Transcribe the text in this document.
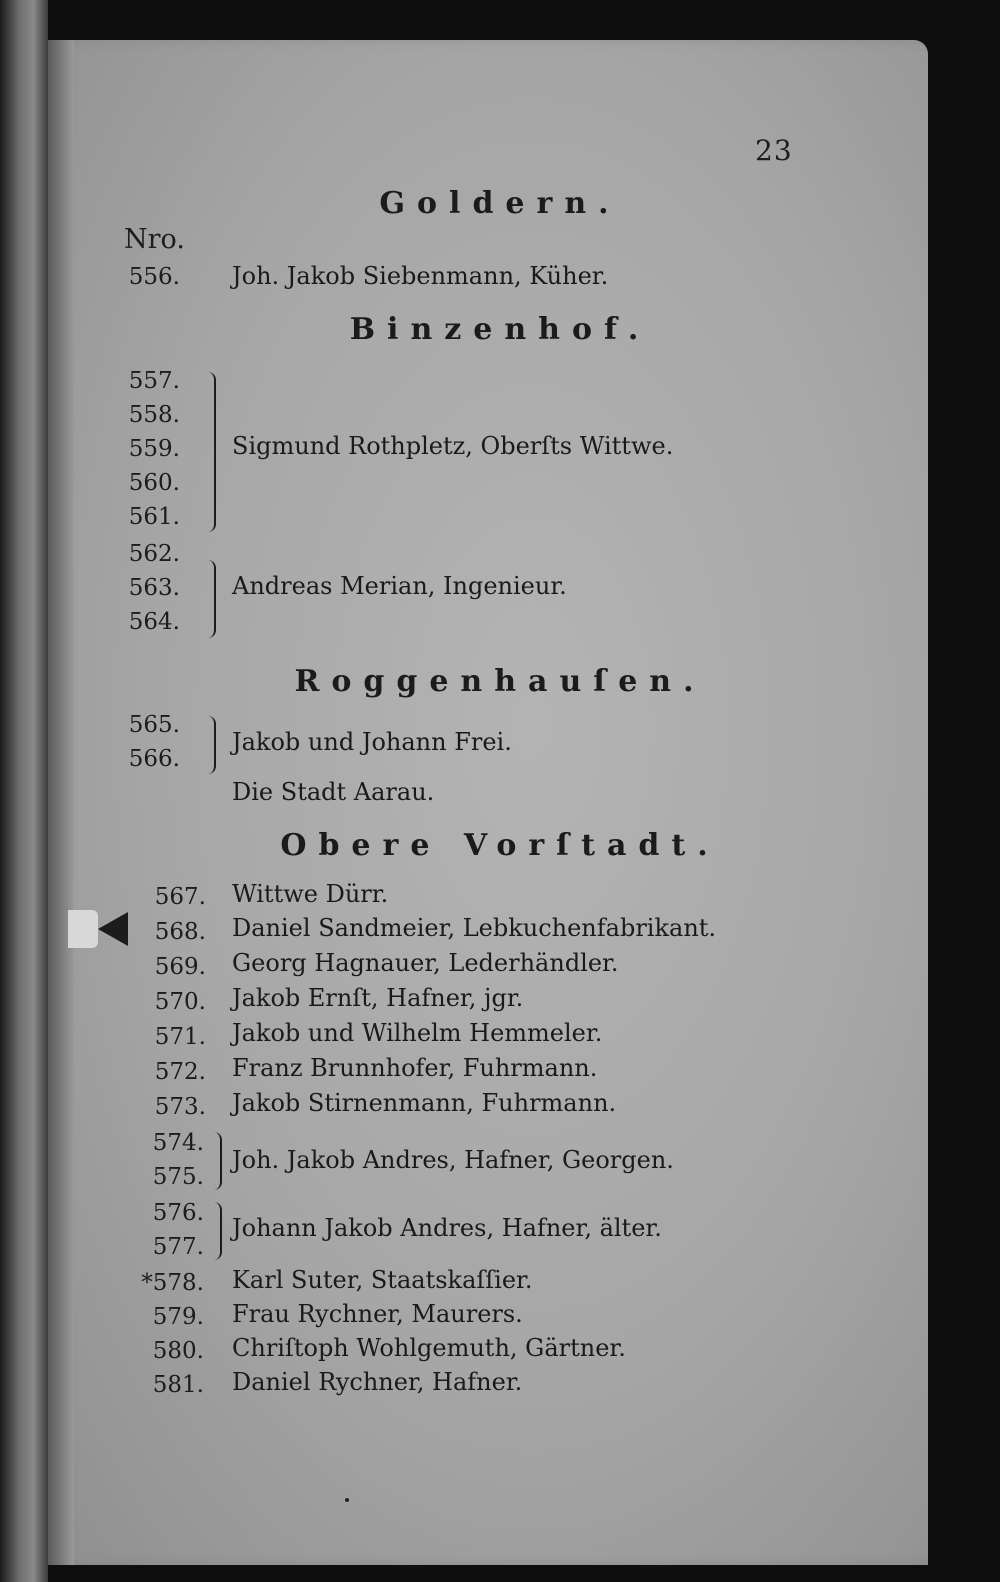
23
Nro.
Goldern.
556. Joh. Jakob Siebenmann, Küher.
Binzenhof.
557.
558.
559.
560.
561.
Sigmund Rothpletz, Oberſts Wittwe.
562.
563.
564.
Andreas Merian, Ingenieur.
Roggenhauſen.
565.
566.
Jakob und Johann Frei.
Die Stadt Aarau.
Obere Vorſtadt.
567. Wittwe Dürr.
568. Daniel Sandmeier, Lebkuchenfabrikant.
569. Georg Hagnauer, Lederhändler.
570. Jakob Ernſt, Hafner, jgr.
571. Jakob und Wilhelm Hemmeler.
572. Franz Brunnhofer, Fuhrmann.
573. Jakob Stirnenmann, Fuhrmann.
574.
575.
Joh. Jakob Andres, Hafner, Georgen.
576.
577.
Johann Jakob Andres, Hafner, älter.
*578. Karl Suter, Staatskaſſier.
579. Frau Rychner, Maurers.
580. Chriſtoph Wohlgemuth, Gärtner.
581. Daniel Rychner, Hafner.
